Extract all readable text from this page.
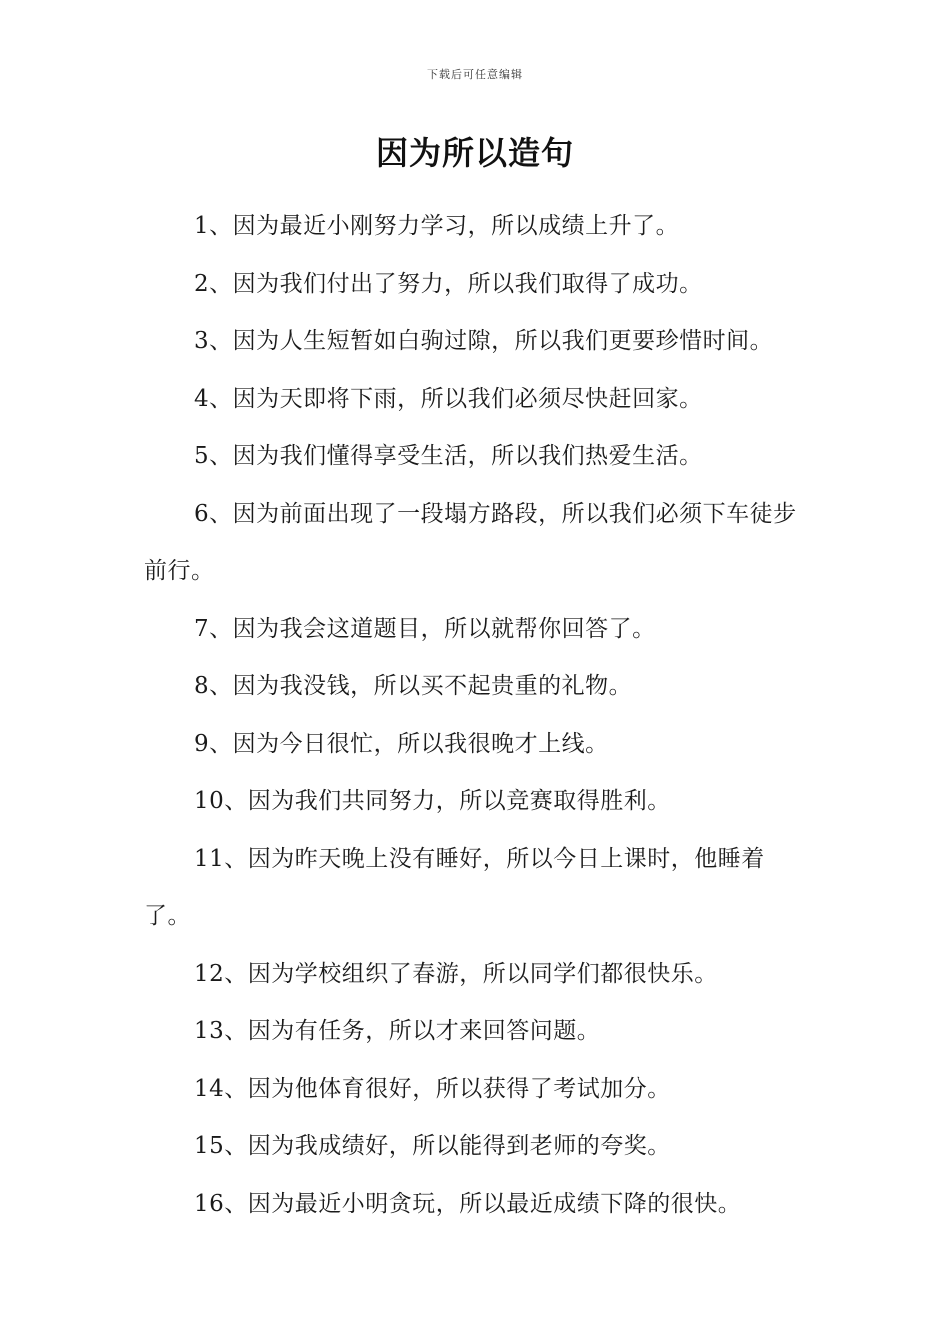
下载后可任意编辑
因为所以造句

1、因为最近小刚努力学习，所以成绩上升了。

2、因为我们付出了努力，所以我们取得了成功。

3、因为人生短暂如白驹过隙，所以我们更要珍惜时间。

4、因为天即将下雨，所以我们必须尽快赶回家。

5、因为我们懂得享受生活，所以我们热爱生活。

6、因为前面出现了一段塌方路段，所以我们必须下车徒步前行。

7、因为我会这道题目，所以就帮你回答了。

8、因为我没钱，所以买不起贵重的礼物。

9、因为今日很忙，所以我很晚才上线。

10、因为我们共同努力，所以竞赛取得胜利。

11、因为昨天晚上没有睡好，所以今日上课时，他睡着了。

12、因为学校组织了春游，所以同学们都很快乐。

13、因为有任务，所以才来回答问题。

14、因为他体育很好，所以获得了考试加分。

15、因为我成绩好，所以能得到老师的夸奖。

16、因为最近小明贪玩，所以最近成绩下降的很快。
